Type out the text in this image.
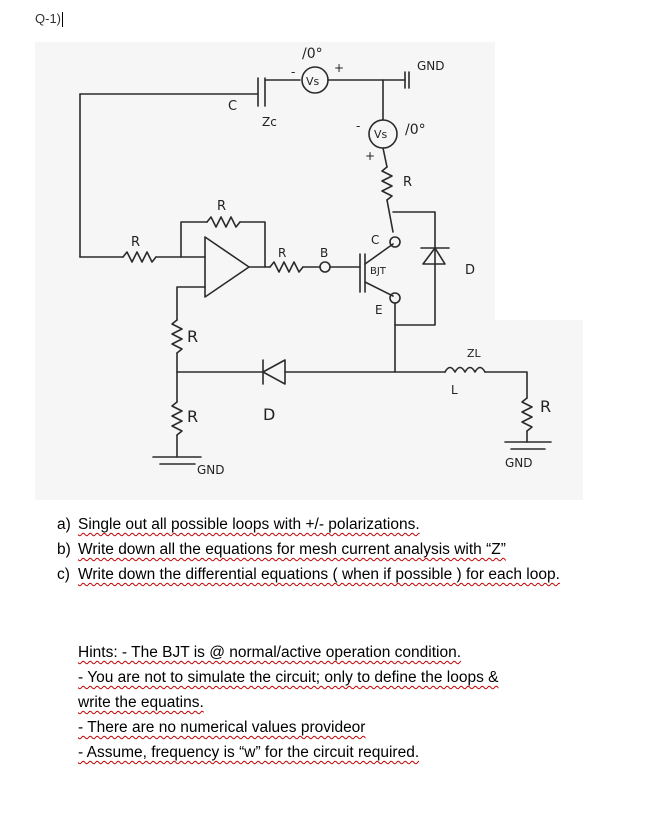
Q-1)
/0°
Vs
+
-	GND
C
Zc
Vs /0°
-
+
R
R
R
R	B
C
BJT
E
D
R
R	D
ZL
L
R
GND	GND
a) Single out all possible loops with +/- polarizations.
b) Write down all the equations for mesh current analysis with “Z”
c) Write down the differential equations ( when if possible ) for each loop.
Hints: - The BJT is @ normal/active operation condition.
- You are not to simulate the circuit; only to define the loops &
write the equatins.
- There are no numerical values provideor
- Assume, frequency is “w” for the circuit required.
